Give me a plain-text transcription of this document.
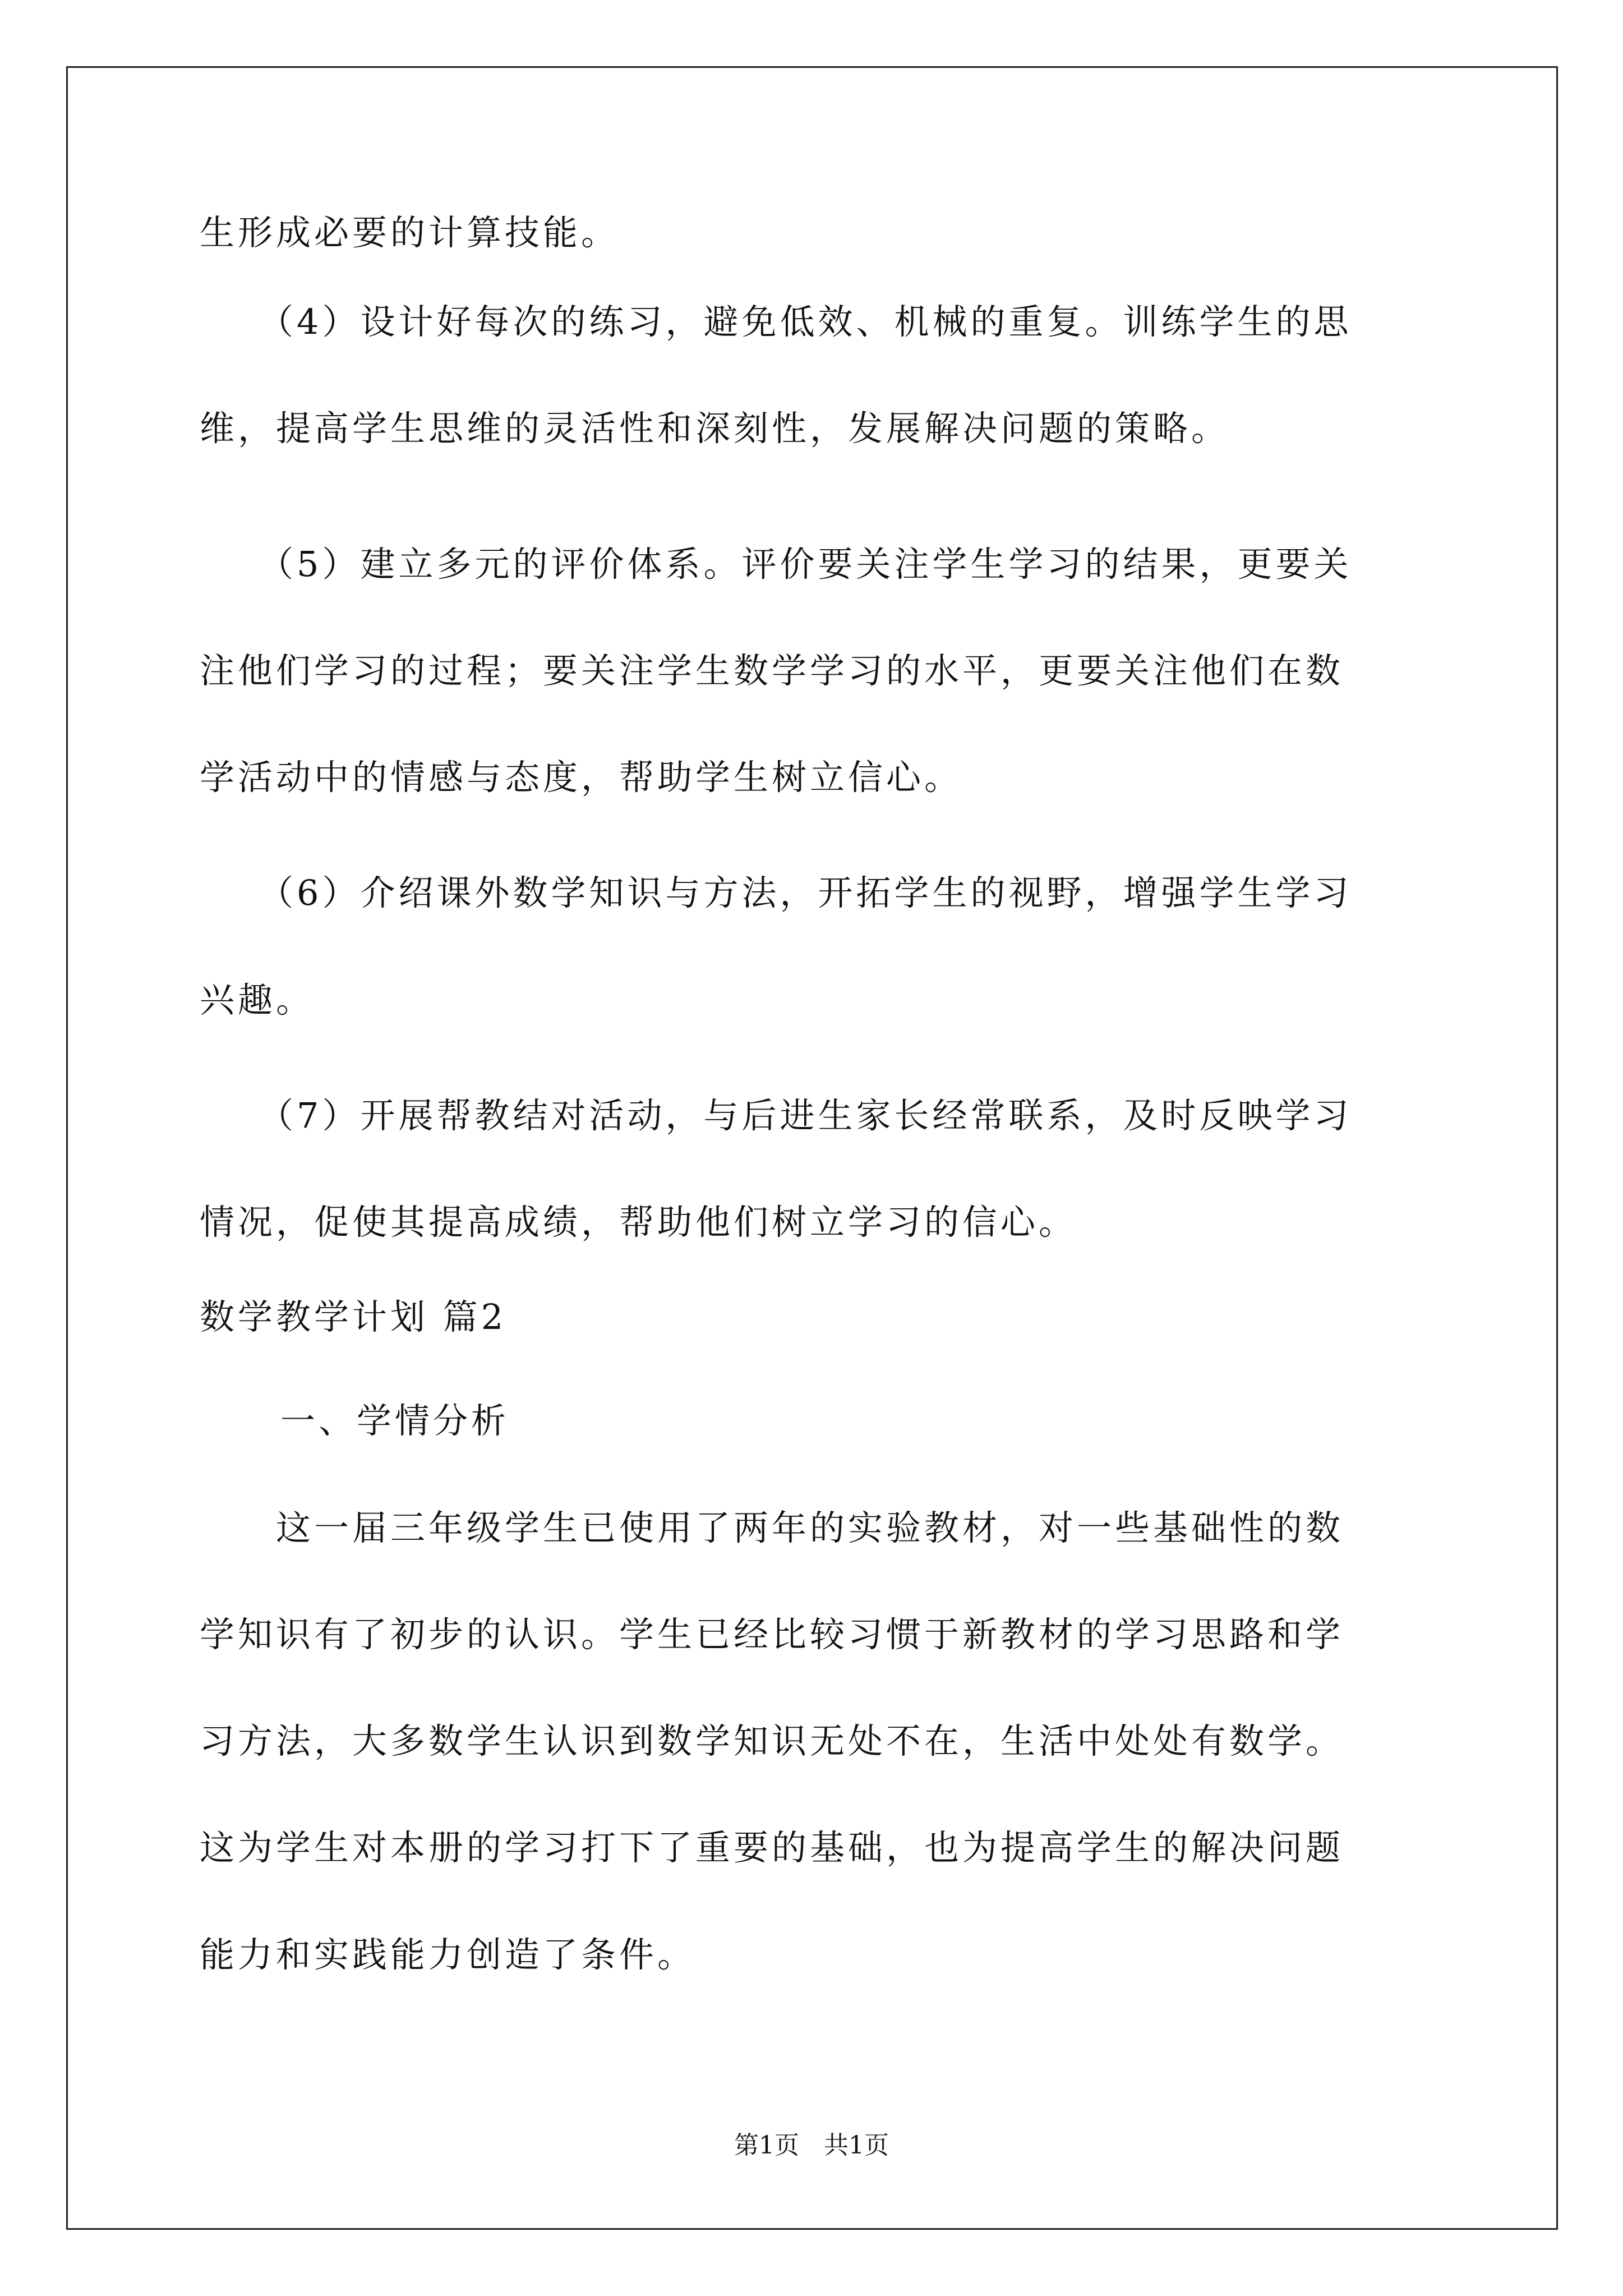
生形成必要的计算技能。
　　（4）设计好每次的练习，避免低效、机械的重复。训练学生的思
维，提高学生思维的灵活性和深刻性，发展解决问题的策略。
　　（5）建立多元的评价体系。评价要关注学生学习的结果，更要关
注他们学习的过程；要关注学生数学学习的水平，更要关注他们在数
学活动中的情感与态度，帮助学生树立信心。
　　（6）介绍课外数学知识与方法，开拓学生的视野，增强学生学习
兴趣。
　　（7）开展帮教结对活动，与后进生家长经常联系，及时反映学习
情况，促使其提高成绩，帮助他们树立学习的信心。
数学教学计划 篇2
一、学情分析
　　这一届三年级学生已使用了两年的实验教材，对一些基础性的数
学知识有了初步的认识。学生已经比较习惯于新教材的学习思路和学
习方法，大多数学生认识到数学知识无处不在，生活中处处有数学。
这为学生对本册的学习打下了重要的基础，也为提高学生的解决问题
能力和实践能力创造了条件。
第1页　共1页
